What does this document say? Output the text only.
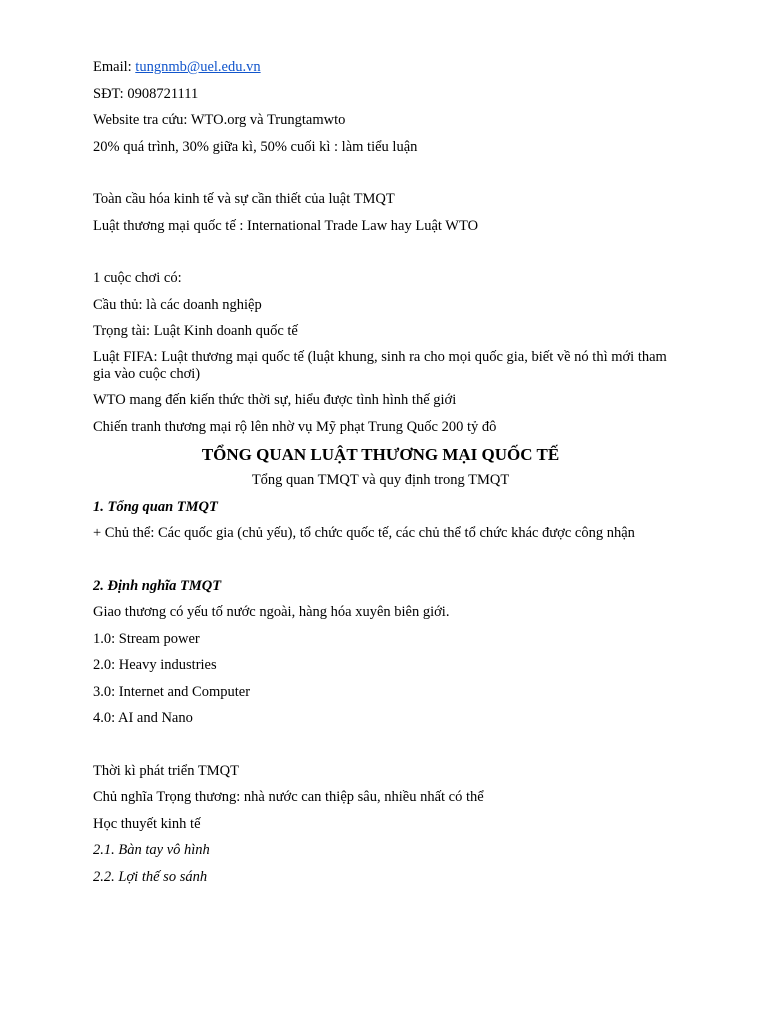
Email: tungnmb@uel.edu.vn
SĐT: 0908721111
Website tra cứu: WTO.org và Trungtamwto
20% quá trình, 30% giữa kì, 50% cuối kì : làm tiểu luận
Toàn cầu hóa kinh tế và sự cần thiết của luật TMQT
Luật thương mại quốc tế : International Trade Law hay Luật WTO
1 cuộc chơi có:
Cầu thủ: là các doanh nghiệp
Trọng tài: Luật Kinh doanh quốc tế
Luật FIFA: Luật thương mại quốc tế (luật khung, sinh ra cho mọi quốc gia, biết về nó thì mới tham gia vào cuộc chơi)
WTO mang đến kiến thức thời sự, hiểu được tình hình thế giới
Chiến tranh thương mại rộ lên nhờ vụ Mỹ phạt Trung Quốc 200 tỷ đô
TỔNG QUAN LUẬT THƯƠNG MẠI QUỐC TẾ
Tổng quan TMQT và quy định trong TMQT
1. Tổng quan TMQT
+ Chủ thể: Các quốc gia (chủ yếu), tổ chức quốc tế, các chủ thể tổ chức khác được công nhận
2. Định nghĩa TMQT
Giao thương có yếu tố nước ngoài, hàng hóa xuyên biên giới.
1.0: Stream power
2.0: Heavy industries
3.0: Internet and Computer
4.0: AI and Nano
Thời kì phát triển TMQT
Chủ nghĩa Trọng thương: nhà nước can thiệp sâu, nhiều nhất có thể
Học thuyết kinh tế
2.1. Bàn tay vô hình
2.2. Lợi thế so sánh
